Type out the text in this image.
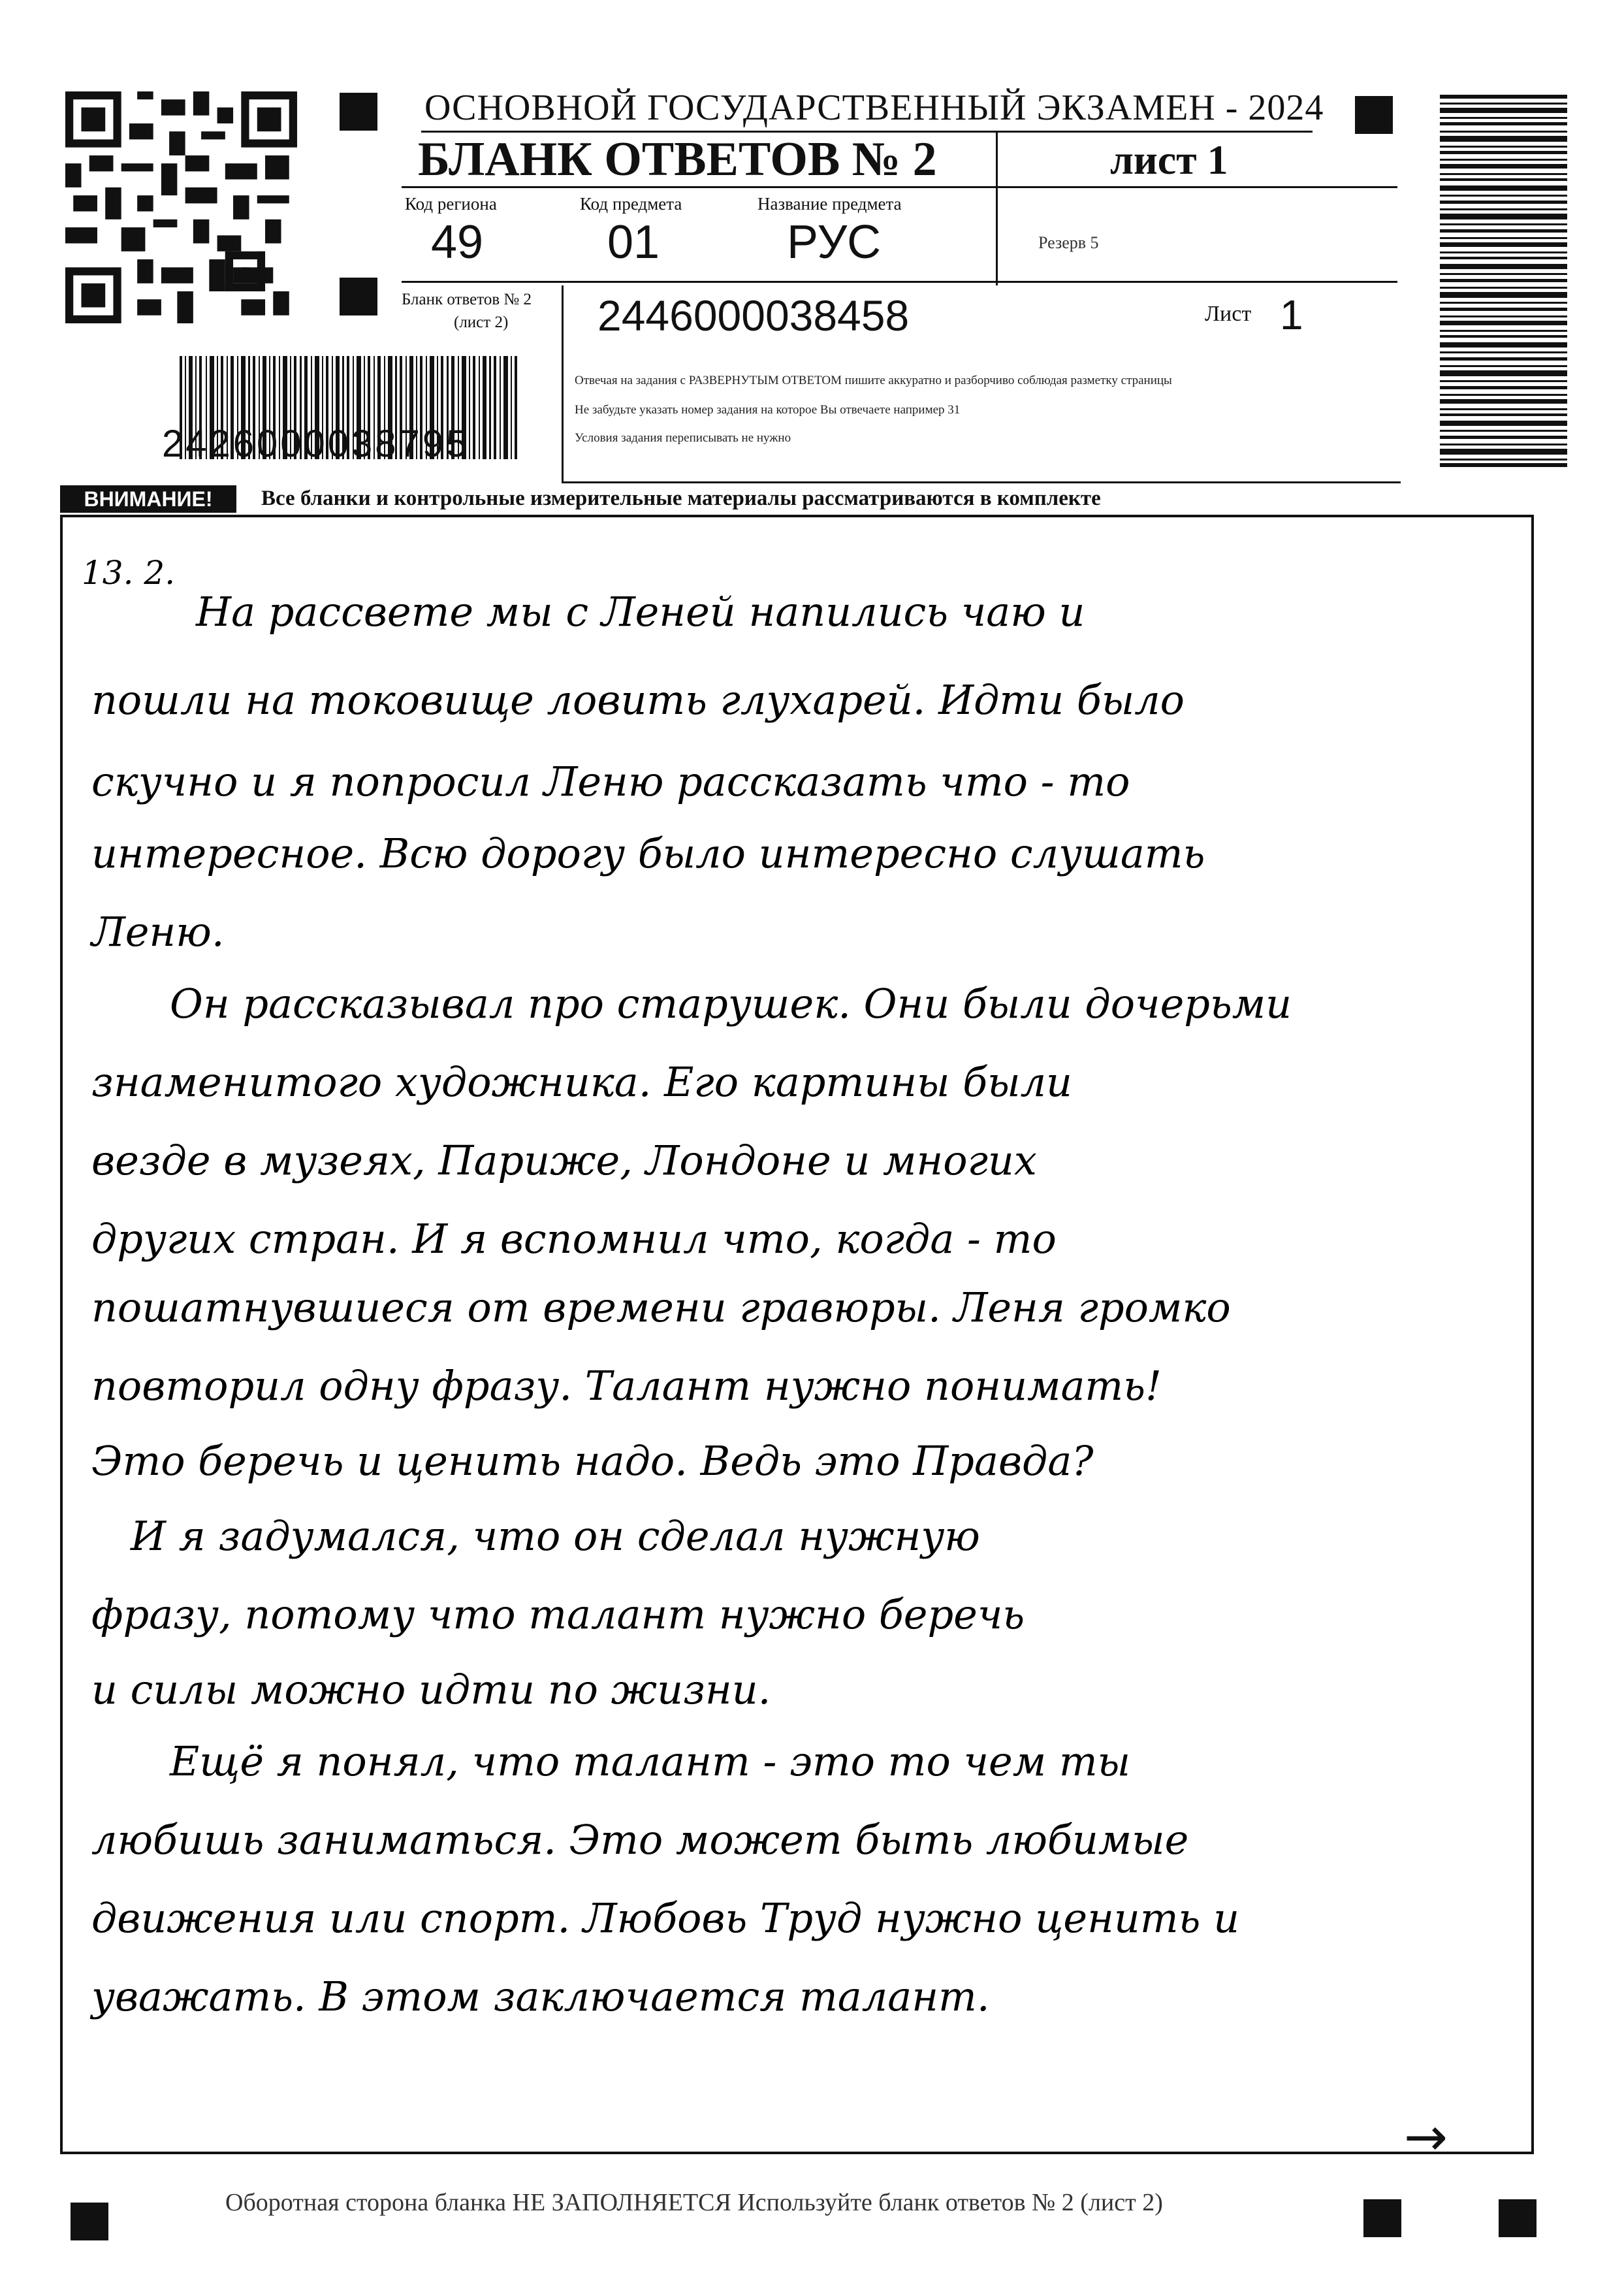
ОСНОВНОЙ ГОСУДАРСТВЕННЫЙ ЭКЗАМЕН - 2024
БЛАНК ОТВЕТОВ № 2	лист 1
Код региона
49
Код предмета
01
Название предмета
РУС	Резерв 5
Бланк ответов № 2
(лист 2) 2446000038458	Лист 1
Отвечая на задания с РАЗВЕРНУТЫМ ОТВЕТОМ пишите аккуратно и разборчиво соблюдая разметку страницы
Не забудьте указать номер задания на которое Вы отвечаете например 31
Условия задания переписывать не нужно
2426000038795
ВНИМАНИЕ!	Все бланки и контрольные измерительные материалы рассматриваются в комплекте
13. 2.
На рассвете мы с Леней напились чаю и
пошли на токовище ловить глухарей. Идти было
скучно и я попросил Леню рассказать что - то
интересное. Всю дорогу было интересно слушать
Леню.
Он рассказывал про старушек. Они были дочерьми
знаменитого художника. Его картины были
везде в музеях, Париже, Лондоне и многих
других стран. И я вспомнил что, когда - то
пошатнувшиеся от времени гравюры. Леня громко
повторил одну фразу. Талант нужно понимать!
Это беречь и ценить надо. Ведь это Правда?
И я задумался, что он сделал нужную
фразу, потому что талант нужно беречь
и силы можно идти по жизни.
Ещё я понял, что талант - это то чем ты
любишь заниматься. Это может быть любимые
движения или спорт. Любовь Труд нужно ценить и
уважать. В этом заключается талант.
→
Оборотная сторона бланка НЕ ЗАПОЛНЯЕТСЯ Используйте бланк ответов № 2 (лист 2)
